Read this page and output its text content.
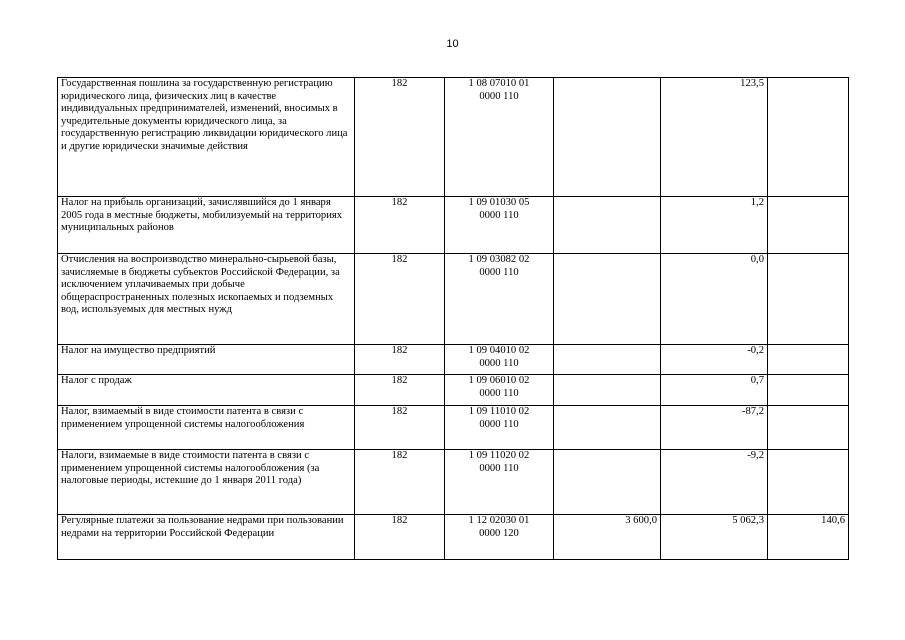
10
Государственная пошлина за государственную регистрацию юридического лица, физических лиц в качестве индивидуальных предпринимателей, изменений, вносимых в учредительные документы юридического лица, за государственную регистрацию ликвидации юридического лица и другие юридически значимые действия	182	1 08 07010 01
0000 110		123,5	
Налог на прибыль организаций, зачислявшийся до 1 января 2005 года в местные бюджеты, мобилизуемый на территориях муниципальных районов	182	1 09 01030 05
0000 110		1,2	
Отчисления на воспроизводство минерально-сырьевой базы, зачисляемые в бюджеты субъектов Российской Федерации, за исключением уплачиваемых при добыче общераспространенных полезных ископаемых и подземных вод, используемых для местных нужд	182	1 09 03082 02
0000 110		0,0	
Налог на имущество предприятий	182	1 09 04010 02
0000 110		-0,2	
Налог с продаж	182	1 09 06010 02
0000 110		0,7	
Налог, взимаемый в виде стоимости патента в связи с применением упрощенной системы налогообложения	182	1 09 11010 02
0000 110		-87,2	
Налоги, взимаемые в виде стоимости патента в связи с применением упрощенной системы налогообложения (за налоговые периоды, истекшие до 1 января 2011 года)	182	1 09 11020 02
0000 110		-9,2	
Регулярные платежи за пользование недрами при пользовании недрами на территории Российской Федерации	182	1 12 02030 01
0000 120	3 600,0	5 062,3	140,6
